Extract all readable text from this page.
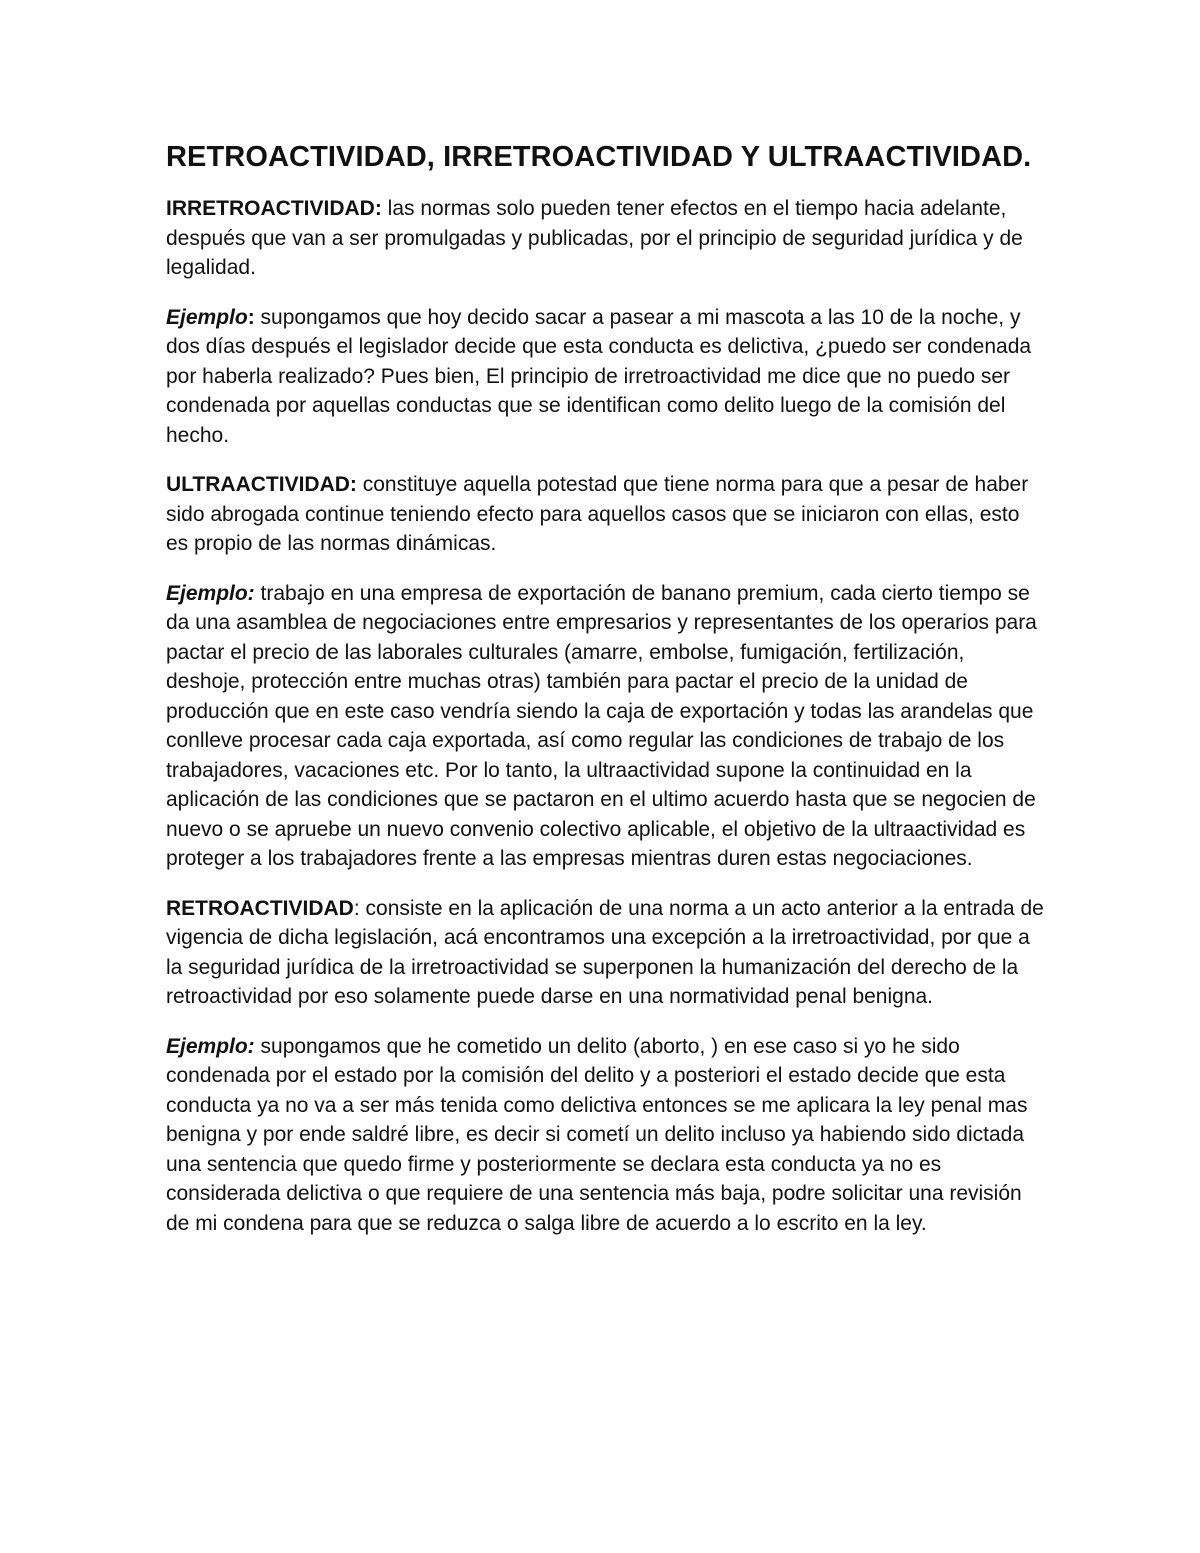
RETROACTIVIDAD, IRRETROACTIVIDAD Y ULTRAACTIVIDAD.

IRRETROACTIVIDAD: las normas solo pueden tener efectos en el tiempo hacia adelante, después que van a ser promulgadas y publicadas, por el principio de seguridad jurídica y de legalidad.

Ejemplo: supongamos que hoy decido sacar a pasear a mi mascota a las 10 de la noche, y dos días después el legislador decide que esta conducta es delictiva, ¿puedo ser condenada por haberla realizado? Pues bien, El principio de irretroactividad me dice que no puedo ser condenada por aquellas conductas que se identifican como delito luego de la comisión del hecho.

ULTRAACTIVIDAD: constituye aquella potestad que tiene norma para que a pesar de haber sido abrogada continue teniendo efecto para aquellos casos que se iniciaron con ellas, esto es propio de las normas dinámicas.

Ejemplo: trabajo en una empresa de exportación de banano premium, cada cierto tiempo se da una asamblea de negociaciones entre empresarios y representantes de los operarios para pactar el precio de las laborales culturales (amarre, embolse, fumigación, fertilización, deshoje, protección entre muchas otras) también para pactar el precio de la unidad de producción que en este caso vendría siendo la caja de exportación y todas las arandelas que conlleve procesar cada caja exportada, así como regular las condiciones de trabajo de los trabajadores, vacaciones etc. Por lo tanto, la ultraactividad supone la continuidad en la aplicación de las condiciones que se pactaron en el ultimo acuerdo hasta que se negocien de nuevo o se apruebe un nuevo convenio colectivo aplicable, el objetivo de la ultraactividad es proteger a los trabajadores frente a las empresas mientras duren estas negociaciones.

RETROACTIVIDAD: consiste en la aplicación de una norma a un acto anterior a la entrada de vigencia de dicha legislación, acá encontramos una excepción a la irretroactividad, por que a la seguridad jurídica de la irretroactividad se superponen la humanización del derecho de la retroactividad por eso solamente puede darse en una normatividad penal benigna.

Ejemplo: supongamos que he cometido un delito (aborto, ) en ese caso si yo he sido condenada por el estado por la comisión del delito y a posteriori el estado decide que esta conducta ya no va a ser más tenida como delictiva entonces se me aplicara la ley penal mas benigna y por ende saldré libre, es decir si cometí un delito incluso ya habiendo sido dictada una sentencia que quedo firme y posteriormente se declara esta conducta ya no es considerada delictiva o que requiere de una sentencia más baja, podre solicitar una revisión de mi condena para que se reduzca o salga libre de acuerdo a lo escrito en la ley.
